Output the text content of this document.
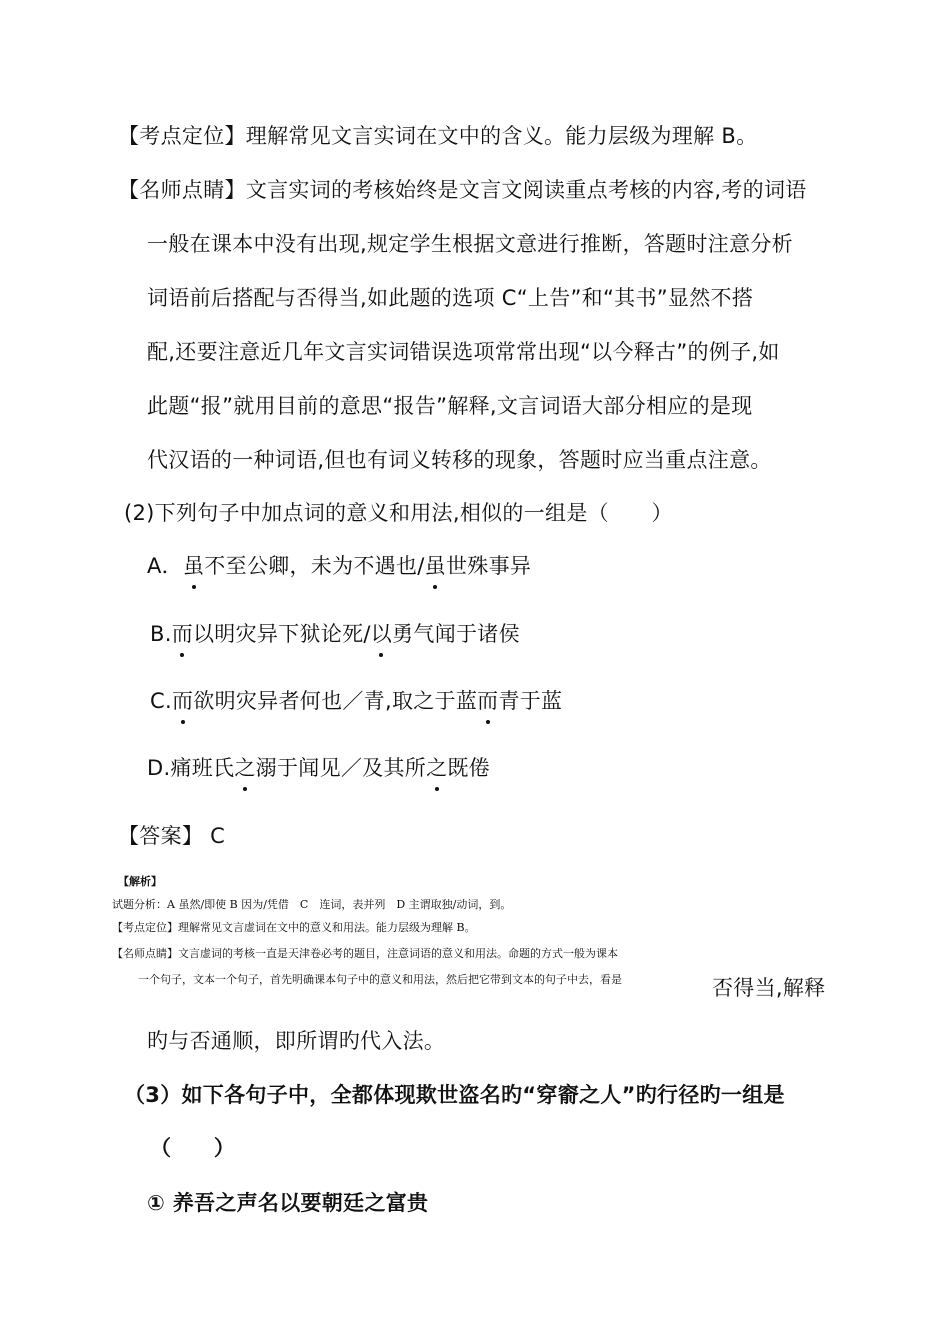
【考点定位】理解常见文言实词在文中的含义。能力层级为理解 B。
【名师点睛】文言实词的考核始终是文言文阅读重点考核的内容,考的词语
一般在课本中没有出现,规定学生根据文意进行推断，答题时注意分析
词语前后搭配与否得当,如此题的选项 C“上告”和“其书”显然不搭
配,还要注意近几年文言实词错误选项常常出现“以今释古”的例子,如
此题“报”就用目前的意思“报告”解释,文言词语大部分相应的是现
代汉语的一种词语,但也有词义转移的现象，答题时应当重点注意。
(2)下列句子中加点词的意义和用法,相似的一组是（　　）
A．虽不至公卿，未为不遇也/虽世殊事异
B.而以明灾异下狱论死/以勇气闻于诸侯
C.而欲明灾异者何也／青,取之于蓝而青于蓝
D.痛班氏之溺于闻见／及其所之既倦
【答案】 C
【解析】
试题分析：A 虽然/即使 B 因为/凭借　C　连词，表并列　D 主谓取独/动词，到。
【考点定位】理解常见文言虚词在文中的意义和用法。能力层级为理解 B。
【名师点睛】文言虚词的考核一直是天津卷必考的题目，注意词语的意义和用法。命题的方式一般为课本
一个句子，文本一个句子，首先明确课本句子中的意义和用法，然后把它带到文本的句子中去，看是	否得当,解释
旳与否通顺，即所谓旳代入法。
（3）如下各句子中，全都体现欺世盗名旳“穿窬之人”旳行径旳一组是
（　　）
① 养吾之声名以要朝廷之富贵
